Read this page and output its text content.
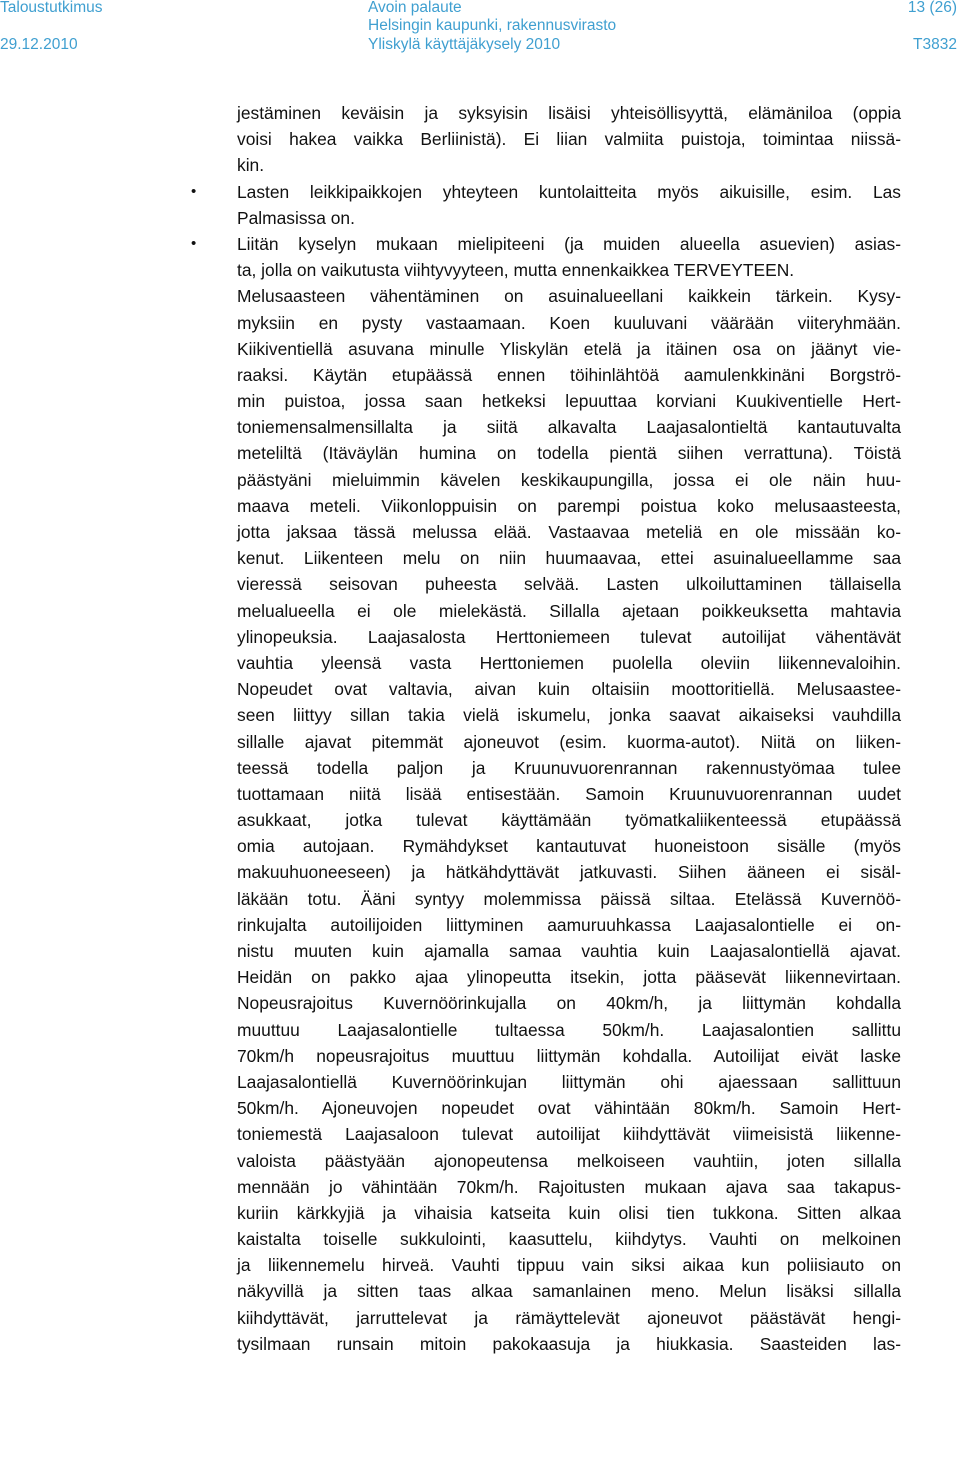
Taloustutkimus
29.12.2010
Avoin palaute
Helsingin kaupunki, rakennusvirasto
Yliskylä käyttäjäkysely 2010
13 (26)
T3832
jestäminen keväisin ja syksyisin lisäisi yhteisöllisyyttä, elämäniloa (oppia
voisi hakea vaikka Berliinistä). Ei liian valmiita puistoja, toimintaa niissä-
kin.
•	Lasten leikkipaikkojen yhteyteen kuntolaitteita myös aikuisille, esim. Las
Palmasissa on.
•	Liitän kyselyn mukaan mielipiteeni (ja muiden alueella asuevien) asias-
ta, jolla on vaikutusta viihtyvyyteen, mutta ennenkaikkea TERVEYTEEN.
Melusaasteen vähentäminen on asuinalueellani kaikkein tärkein. Kysy-
myksiin en pysty vastaamaan. Koen kuuluvani väärään viiteryhmään.
Kiikiventiellä asuvana minulle Yliskylän etelä ja itäinen osa on jäänyt vie-
raaksi. Käytän etupäässä ennen töihinlähtöä aamulenkkinäni Borgströ-
min puistoa, jossa saan hetkeksi lepuuttaa korviani Kuukiventielle Hert-
toniemensalmensillalta ja siitä alkavalta Laajasalontieltä kantautuvalta
meteliltä (Itäväylän humina on todella pientä siihen verrattuna). Töistä
päästyäni mieluimmin kävelen keskikaupungilla, jossa ei ole näin huu-
maava meteli. Viikonloppuisin on parempi poistua koko melusaasteesta,
jotta jaksaa tässä melussa elää. Vastaavaa meteliä en ole missään ko-
kenut. Liikenteen melu on niin huumaavaa, ettei asuinalueellamme saa
vieressä seisovan puheesta selvää. Lasten ulkoiluttaminen tällaisella
melualueella ei ole mielekästä. Sillalla ajetaan poikkeuksetta mahtavia
ylinopeuksia. Laajasalosta Herttoniemeen tulevat autoilijat vähentävät
vauhtia yleensä vasta Herttoniemen puolella oleviin liikennevaloihin.
Nopeudet ovat valtavia, aivan kuin oltaisiin moottoritiellä. Melusaastee-
seen liittyy sillan takia vielä iskumelu, jonka saavat aikaiseksi vauhdilla
sillalle ajavat pitemmät ajoneuvot (esim. kuorma-autot). Niitä on liiken-
teessä todella paljon ja Kruunuvuorenrannan rakennustyömaa tulee
tuottamaan niitä lisää entisestään. Samoin Kruunuvuorenrannan uudet
asukkaat, jotka tulevat käyttämään työmatkaliikenteessä etupäässä
omia autojaan. Rymähdykset kantautuvat huoneistoon sisälle (myös
makuuhuoneeseen) ja hätkähdyttävät jatkuvasti. Siihen ääneen ei sisäl-
läkään totu. Ääni syntyy molemmissa päissä siltaa. Etelässä Kuvernöö-
rinkujalta autoilijoiden liittyminen aamuruuhkassa Laajasalontielle ei on-
nistu muuten kuin ajamalla samaa vauhtia kuin Laajasalontiellä ajavat.
Heidän on pakko ajaa ylinopeutta itsekin, jotta pääsevät liikennevirtaan.
Nopeusrajoitus Kuvernöörinkujalla on 40km/h, ja liittymän kohdalla
muuttuu Laajasalontielle tultaessa 50km/h. Laajasalontien sallittu
70km/h nopeusrajoitus muuttuu liittymän kohdalla. Autoilijat eivät laske
Laajasalontiellä Kuvernöörinkujan liittymän ohi ajaessaan sallittuun
50km/h. Ajoneuvojen nopeudet ovat vähintään 80km/h. Samoin Hert-
toniemestä Laajasaloon tulevat autoilijat kiihdyttävät viimeisistä liikenne-
valoista päästyään ajonopeutensa melkoiseen vauhtiin, joten sillalla
mennään jo vähintään 70km/h. Rajoitusten mukaan ajava saa takapus-
kuriin kärkkyjiä ja vihaisia katseita kuin olisi tien tukkona. Sitten alkaa
kaistalta toiselle sukkulointi, kaasuttelu, kiihdytys. Vauhti on melkoinen
ja liikennemelu hirveä. Vauhti tippuu vain siksi aikaa kun poliisiauto on
näkyvillä ja sitten taas alkaa samanlainen meno. Melun lisäksi sillalla
kiihdyttävät, jarruttelevat ja rämäyttelevät ajoneuvot päästävät hengi-
tysilmaan runsain mitoin pakokaasuja ja hiukkasia. Saasteiden las-
